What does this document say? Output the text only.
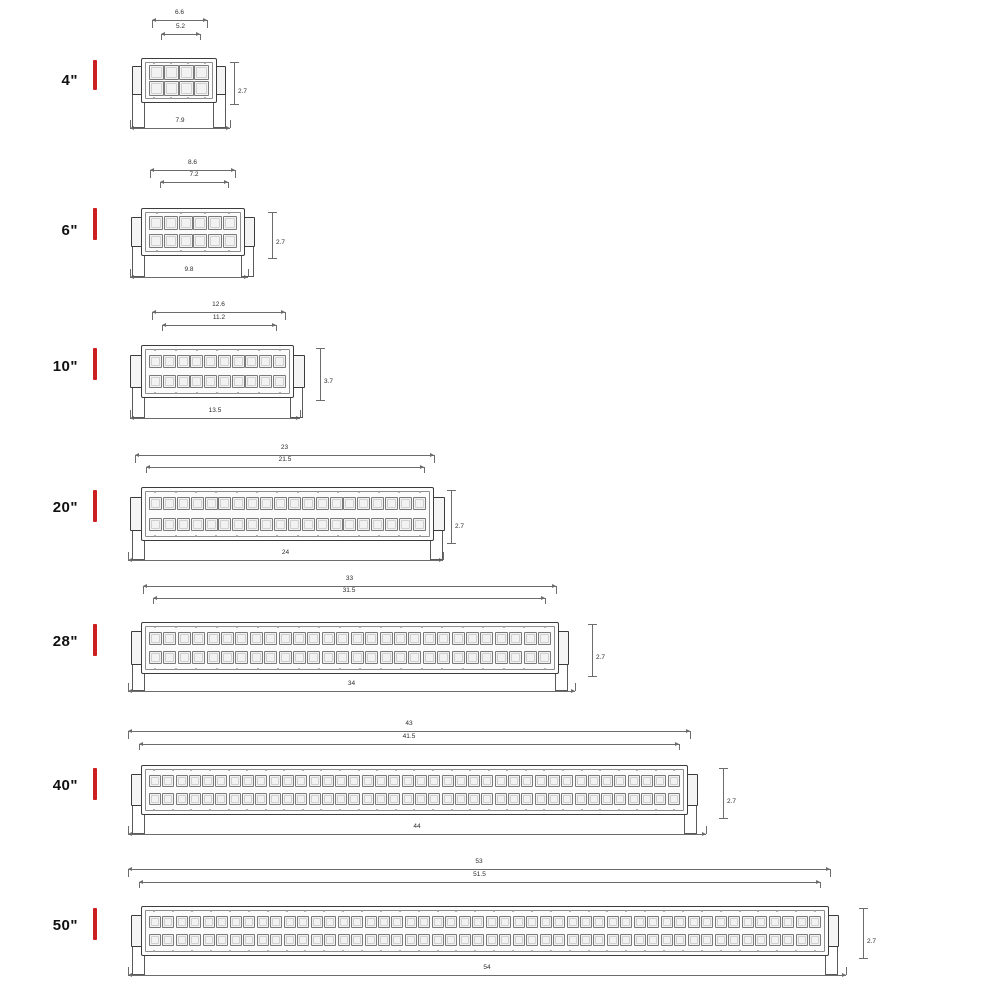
4"
6.6
5.2
7.9
2.7
6"
8.6
7.2
9.8
2.7
10"
12.6
11.2
13.5
3.7
20"
23
21.5
24
2.7
28"
33
31.5
34
2.7
40"
43
41.5
44
2.7
50"
53
51.5
54
2.7
